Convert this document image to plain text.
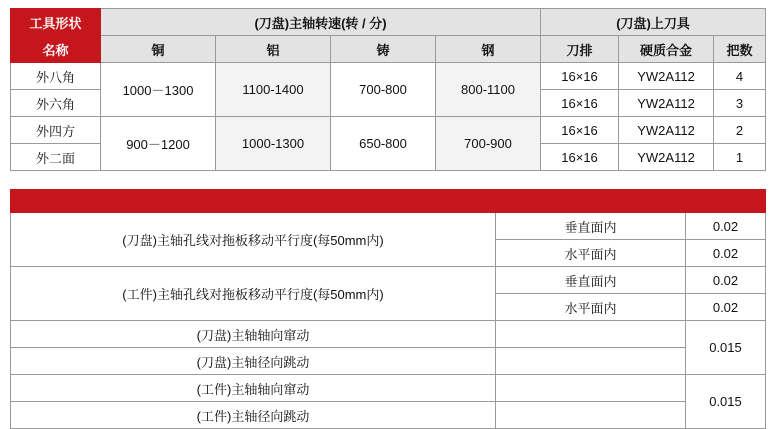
工具形状	(刀盘)主轴转速(转 / 分)				(刀盘)上刀具		
名称	铜	铝	铸	钢	刀排	硬质合金	把数
外八角	1000－1300	1100-1400	700-800	800-1100	16×16	YW2A112	4
外六角					16×16	YW2A112	3
外四方	900－1200	1000-1300	650-800	700-900	16×16	YW2A112	2
外二面					16×16	YW2A112	1

(刀盘)主轴孔线对拖板移动平行度(每50mm内)	垂直面内	0.02
	水平面内	0.02
(工件)主轴孔线对拖板移动平行度(每50mm内)	垂直面内	0.02
	水平面内	0.02
(刀盘)主轴轴向窜动		0.015
(刀盘)主轴径向跳动		
(工件)主轴轴向窜动		0.015
(工件)主轴径向跳动		
